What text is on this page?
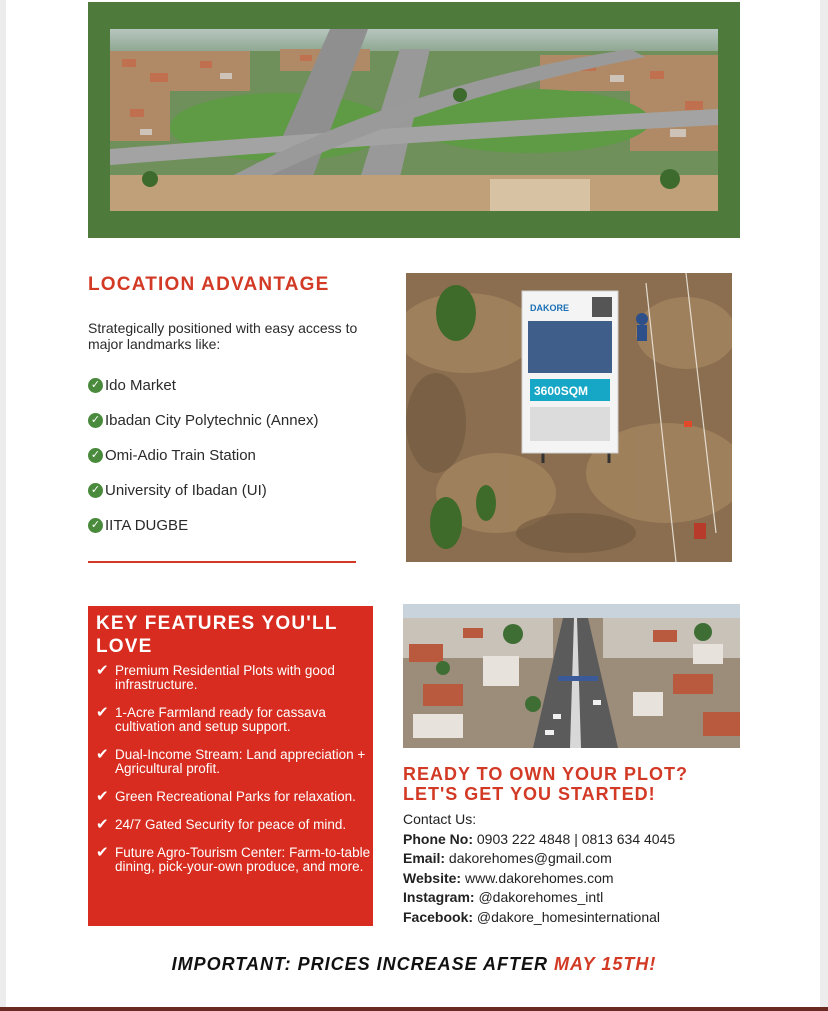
LOCATION ADVANTAGE

Strategically positioned with easy access to major landmarks like:

✓ Ido Market
✓ Ibadan City Polytechnic (Annex)
✓ Omi-Adio Train Station
✓ University of Ibadan (UI)
✓ IITA DUGBE
DAKORE
3600SQM
KEY FEATURES YOU'LL LOVE
✔ Premium Residential Plots with good infrastructure.
✔ 1-Acre Farmland ready for cassava cultivation and setup support.
✔ Dual-Income Stream: Land appreciation + Agricultural profit.
✔ Green Recreational Parks for relaxation.
✔ 24/7 Gated Security for peace of mind.
✔ Future Agro-Tourism Center: Farm-to-table dining, pick-your-own produce, and more.
READY TO OWN YOUR PLOT?
LET'S GET YOU STARTED!
Contact Us:
Phone No: 0903 222 4848 | 0813 634 4045
Email: dakorehomes@gmail.com
Website: www.dakorehomes.com
Instagram: @dakorehomes_intl
Facebook: @dakore_homesinternational

IMPORTANT: PRICES INCREASE AFTER MAY 15TH!
